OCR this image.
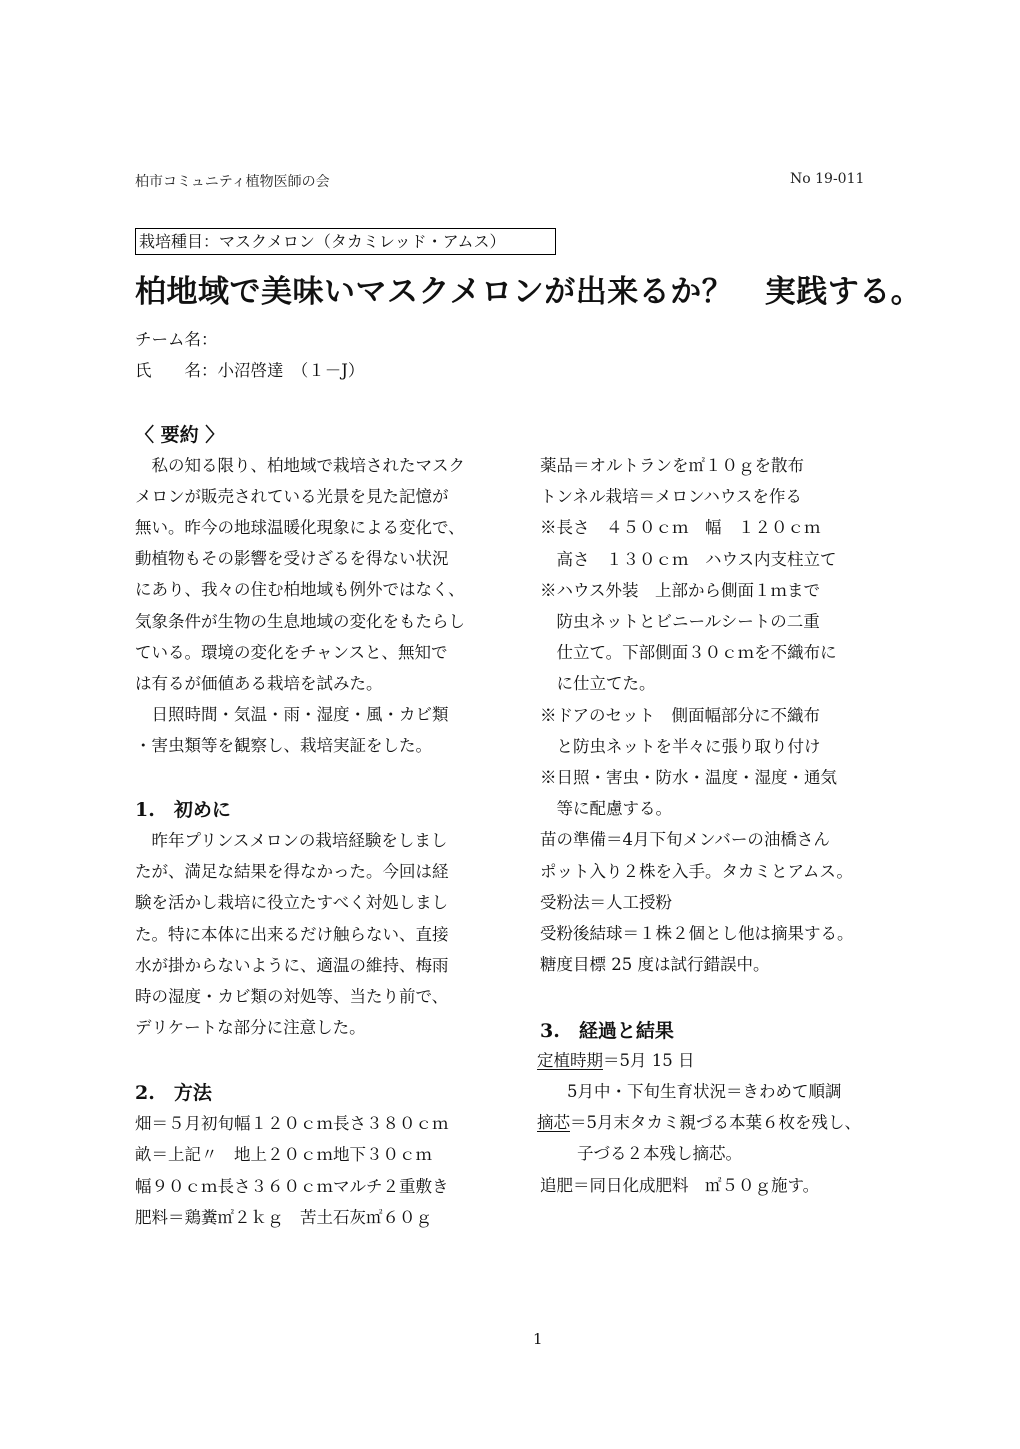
柏市コミュニティ植物医師の会	No 19-011
栽培種目：マスクメロン（タカミレッド・アムス）
柏地域で美味いマスクメロンが出来るか？　実践する。
チーム名：
氏　　名：小沼啓達　（１－J）
〈 要約 〉
　私の知る限り、柏地域で栽培されたマスク
メロンが販売されている光景を見た記憶が
無い。昨今の地球温暖化現象による変化で、
動植物もその影響を受けざるを得ない状況
にあり、我々の住む柏地域も例外ではなく、
気象条件が生物の生息地域の変化をもたらし
ている。環境の変化をチャンスと、無知で
は有るが価値ある栽培を試みた。
　日照時間・気温・雨・湿度・風・カビ類
・害虫類等を観察し、栽培実証をした。
1.　初めに
　昨年プリンスメロンの栽培経験をしまし
たが、満足な結果を得なかった。今回は経
験を活かし栽培に役立たすべく対処しまし
た。特に本体に出来るだけ触らない、直接
水が掛からないように、適温の維持、梅雨
時の湿度・カビ類の対処等、当たり前で、
デリケートな部分に注意した。
2.　方法
畑＝５月初旬幅１２０ｃｍ長さ３８０ｃｍ
畝＝上記〃　地上２０ｃｍ地下３０ｃｍ
幅９０ｃｍ長さ３６０ｃｍマルチ２重敷き
肥料＝鶏糞㎡２ｋｇ　苦土石灰㎡６０ｇ
薬品＝オルトランを㎡１０ｇを散布
トンネル栽培＝メロンハウスを作る
※長さ　４５０ｃｍ　幅　１２０ｃｍ
　高さ　１３０ｃｍ　ハウス内支柱立て
※ハウス外装　上部から側面１ｍまで
　防虫ネットとビニールシートの二重
　仕立て。下部側面３０ｃｍを不織布に
　に仕立てた。
※ドアのセット　側面幅部分に不織布
　と防虫ネットを半々に張り取り付け
※日照・害虫・防水・温度・湿度・通気
　等に配慮する。
苗の準備＝4月下旬メンバーの油橋さん
ポット入り２株を入手。タカミとアムス。
受粉法＝人工授粉
受粉後結球＝１株２個とし他は摘果する。
糖度目標 25 度は試行錯誤中。
3.　経過と結果
定植時期＝5月 15 日
5月中・下旬生育状況＝きわめて順調
摘芯＝5月末タカミ親づる本葉６枚を残し、
子づる２本残し摘芯。
追肥＝同日化成肥料　㎡５０ｇ施す。
1
